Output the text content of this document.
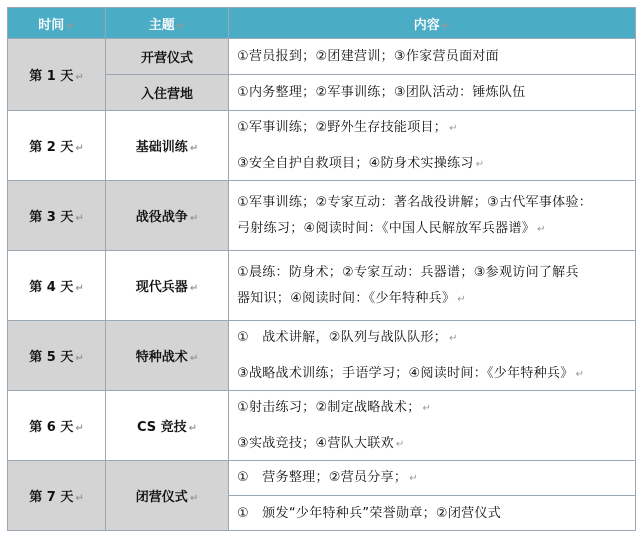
时间 ↵	主题 ↵	内容 ↵
第 1 天 ↵	开营仪式	①营员报到；②团建营训；③作家营员面对面

	入住营地	①内务整理；②军事训练；③团队活动：锤炼队伍

第 2 天 ↵	基础训练 ↵	①军事训练；②野外生存技能项目； ↵
③安全自护自救项目；④防身术实操练习 ↵

第 3 天 ↵	战役战争 ↵	①军事训练；②专家互动：著名战役讲解；③古代军事体验：
弓射练习；④阅读时间：《中国人民解放军兵器谱》 ↵

第 4 天 ↵	现代兵器 ↵	①晨练：防身术；②专家互动：兵器谱；③参观访问了解兵
器知识；④阅读时间：《少年特种兵》 ↵

第 5 天 ↵	特种战术 ↵	①　战术讲解，②队列与战队队形； ↵
③战略战术训练；手语学习；④阅读时间：《少年特种兵》 ↵

第 6 天 ↵	CS 竞技 ↵	①射击练习；②制定战略战术； ↵
③实战竞技；④营队大联欢 ↵

第 7 天 ↵	闭营仪式 ↵	①　营务整理；②营员分享； ↵

		①　颁发“少年特种兵”荣誉勋章；②闭营仪式
